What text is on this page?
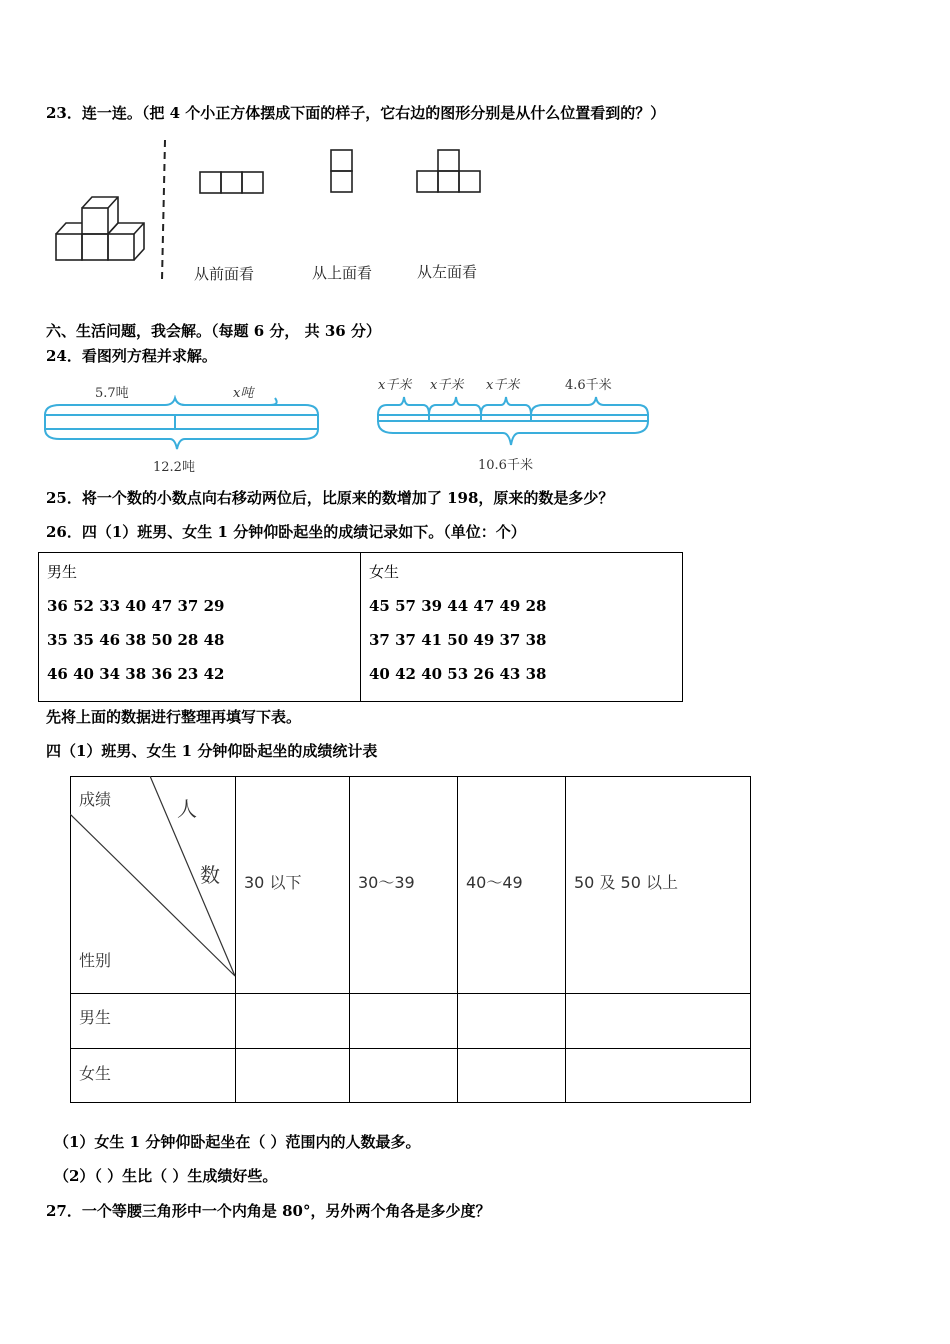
23．连一连。（把 4 个小正方体摆成下面的样子，它右边的图形分别是从什么位置看到的？）
从前面看	从上面看	从左面看
六、生活问题，我会解。（每题 6 分， 共 36 分）
24．看图列方程并求解。
5.7吨	x吨
12.2吨
x千米 x千米 x千米	4.6千米
10.6千米
25．将一个数的小数点向右移动两位后，比原来的数增加了 198，原来的数是多少？
26．四（1）班男、女生 1 分钟仰卧起坐的成绩记录如下。（单位：个）
男生
36 52 33 40 47 37 29
35 35 46 38 50 28 48
46 40 34 38 36 23 42

女生
45 57 39 44 47 49 28
37 37 41 50 49 37 38
40 42 40 53 26 43 38
先将上面的数据进行整理再填写下表。
四（1）班男、女生 1 分钟仰卧起坐的成绩统计表
成绩	人
数
性别
30 以下	30～39	40～49	50 及 50 以上
男生
女生
（1）女生 1 分钟仰卧起坐在（ ）范围内的人数最多。
（2）（ ）生比（ ）生成绩好些。
27．一个等腰三角形中一个内角是 80°，另外两个角各是多少度？
